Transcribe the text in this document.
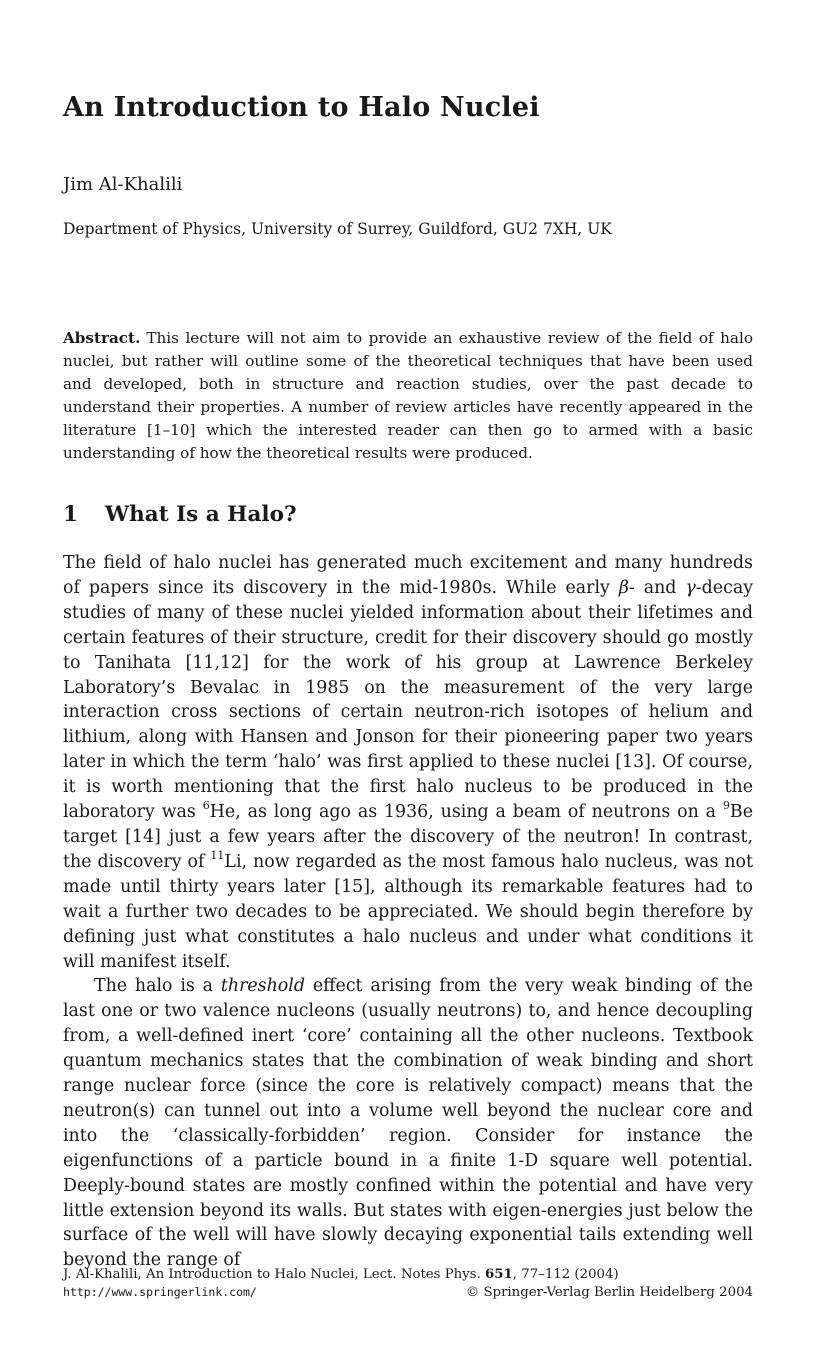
An Introduction to Halo Nuclei
Jim Al-Khalili
Department of Physics, University of Surrey, Guildford, GU2 7XH, UK

Abstract. This lecture will not aim to provide an exhaustive review of the field of halo nuclei, but rather will outline some of the theoretical techniques that have been used and developed, both in structure and reaction studies, over the past decade to understand their properties. A number of review articles have recently appeared in the literature [1–10] which the interested reader can then go to armed with a basic understanding of how the theoretical results were produced.

1 What Is a Halo?

The field of halo nuclei has generated much excitement and many hundreds of papers since its discovery in the mid-1980s. While early β- and γ-decay studies of many of these nuclei yielded information about their lifetimes and certain features of their structure, credit for their discovery should go mostly to Tanihata [11,12] for the work of his group at Lawrence Berkeley Laboratory’s Bevalac in 1985 on the measurement of the very large interaction cross sections of certain neutron-rich isotopes of helium and lithium, along with Hansen and Jonson for their pioneering paper two years later in which the term ‘halo’ was first applied to these nuclei [13]. Of course, it is worth mentioning that the first halo nucleus to be produced in the laboratory was $^6$He, as long ago as 1936, using a beam of neutrons on a $^9$Be target [14] just a few years after the discovery of the neutron! In contrast, the discovery of $^{11}$Li, now regarded as the most famous halo nucleus, was not made until thirty years later [15], although its remarkable features had to wait a further two decades to be appreciated. We should begin therefore by defining just what constitutes a halo nucleus and under what conditions it will manifest itself.

The halo is a threshold effect arising from the very weak binding of the last one or two valence nucleons (usually neutrons) to, and hence decoupling from, a well-defined inert ‘core’ containing all the other nucleons. Textbook quantum mechanics states that the combination of weak binding and short range nuclear force (since the core is relatively compact) means that the neutron(s) can tunnel out into a volume well beyond the nuclear core and into the ‘classically-forbidden’ region. Consider for instance the eigenfunctions of a particle bound in a finite 1-D square well potential. Deeply-bound states are mostly confined within the potential and have very little extension beyond its walls. But states with eigen-energies just below the surface of the well will have slowly decaying exponential tails extending well beyond the range of

J. Al-Khalili, An Introduction to Halo Nuclei, Lect. Notes Phys. 651, 77–112 (2004)
http://www.springerlink.com/	© Springer-Verlag Berlin Heidelberg 2004
